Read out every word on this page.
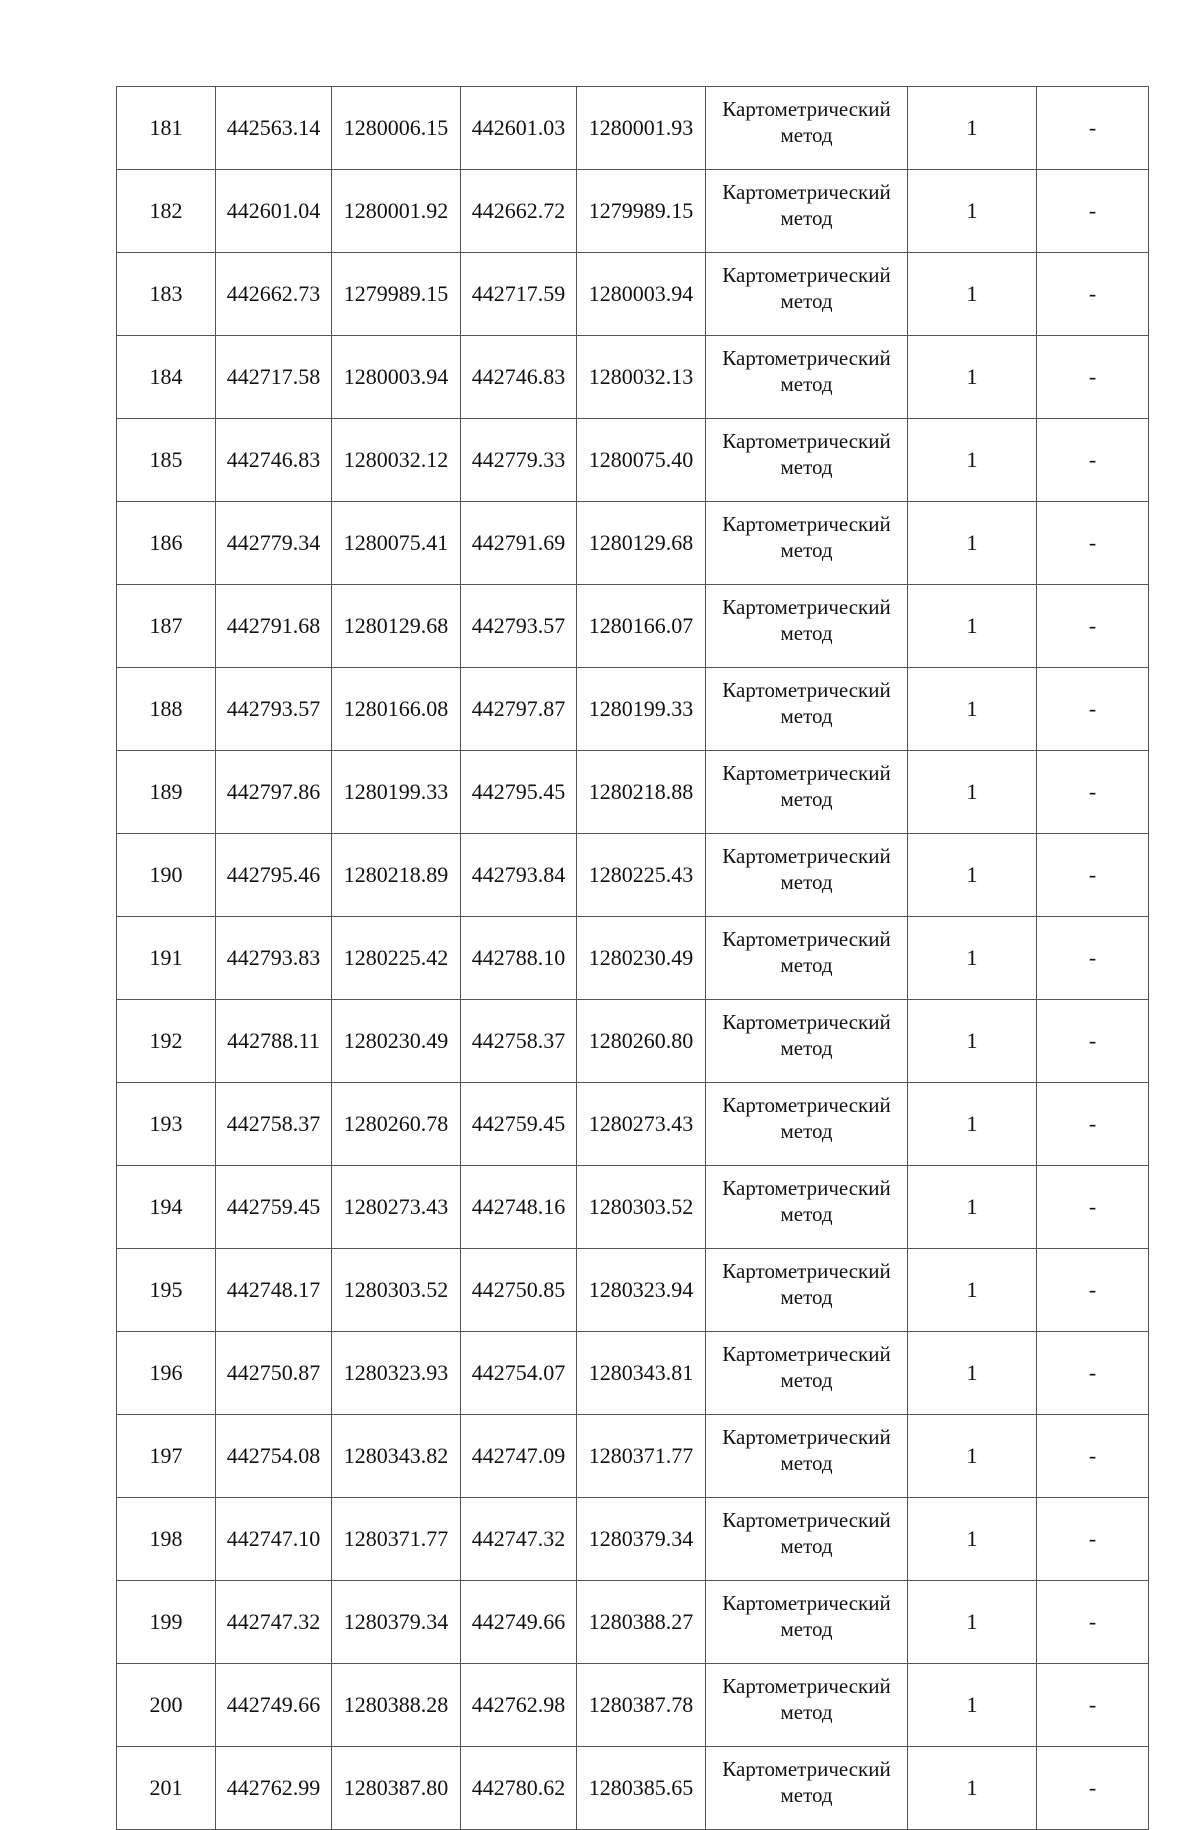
181	442563.14	1280006.15	442601.03	1280001.93	Картометрический
метод	1	-
182	442601.04	1280001.92	442662.72	1279989.15	Картометрический
метод	1	-
183	442662.73	1279989.15	442717.59	1280003.94	Картометрический
метод	1	-
184	442717.58	1280003.94	442746.83	1280032.13	Картометрический
метод	1	-
185	442746.83	1280032.12	442779.33	1280075.40	Картометрический
метод	1	-
186	442779.34	1280075.41	442791.69	1280129.68	Картометрический
метод	1	-
187	442791.68	1280129.68	442793.57	1280166.07	Картометрический
метод	1	-
188	442793.57	1280166.08	442797.87	1280199.33	Картометрический
метод	1	-
189	442797.86	1280199.33	442795.45	1280218.88	Картометрический
метод	1	-
190	442795.46	1280218.89	442793.84	1280225.43	Картометрический
метод	1	-
191	442793.83	1280225.42	442788.10	1280230.49	Картометрический
метод	1	-
192	442788.11	1280230.49	442758.37	1280260.80	Картометрический
метод	1	-
193	442758.37	1280260.78	442759.45	1280273.43	Картометрический
метод	1	-
194	442759.45	1280273.43	442748.16	1280303.52	Картометрический
метод	1	-
195	442748.17	1280303.52	442750.85	1280323.94	Картометрический
метод	1	-
196	442750.87	1280323.93	442754.07	1280343.81	Картометрический
метод	1	-
197	442754.08	1280343.82	442747.09	1280371.77	Картометрический
метод	1	-
198	442747.10	1280371.77	442747.32	1280379.34	Картометрический
метод	1	-
199	442747.32	1280379.34	442749.66	1280388.27	Картометрический
метод	1	-
200	442749.66	1280388.28	442762.98	1280387.78	Картометрический
метод	1	-
201	442762.99	1280387.80	442780.62	1280385.65	Картометрический
метод	1	-
